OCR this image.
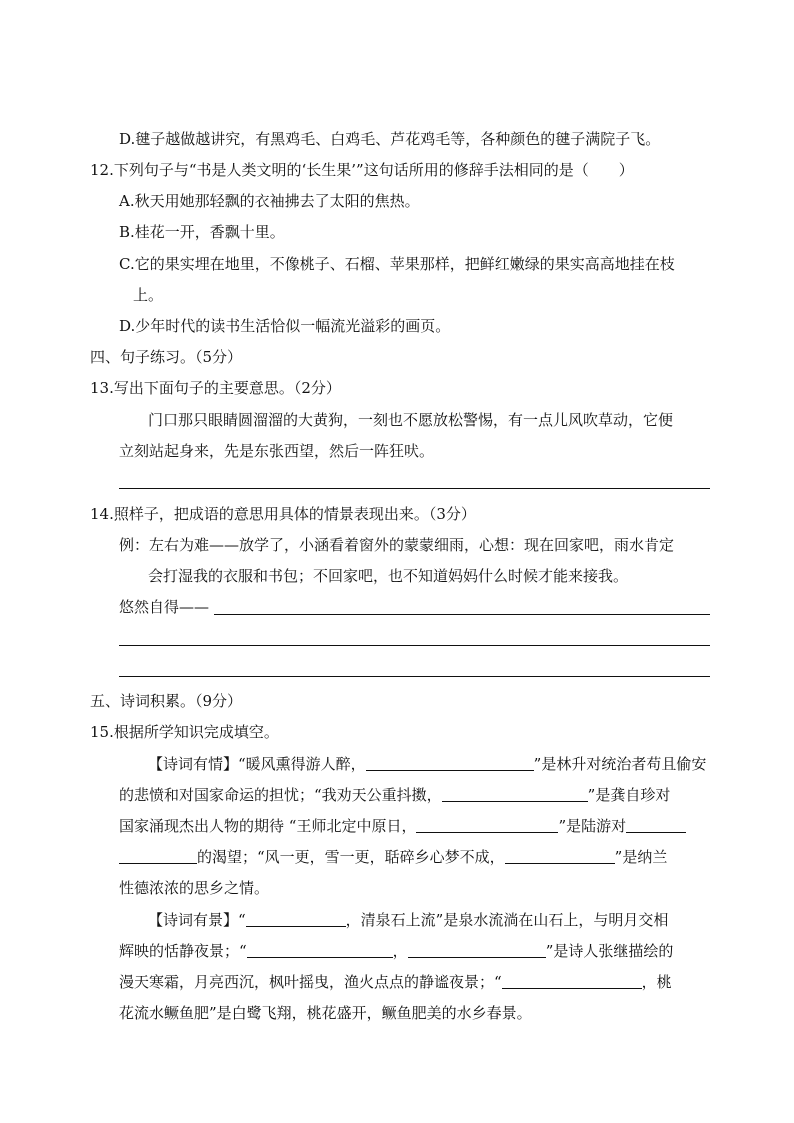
D.毽子越做越讲究，有黑鸡毛、白鸡毛、芦花鸡毛等，各种颜色的毽子满院子飞。
12.下列句子与“书是人类文明的‘长生果’”这句话所用的修辞手法相同的是（　　）
A.秋天用她那轻飘的衣袖拂去了太阳的焦热。
B.桂花一开，香飘十里。
C.它的果实埋在地里，不像桃子、石榴、苹果那样，把鲜红嫩绿的果实高高地挂在枝
上。
D.少年时代的读书生活恰似一幅流光溢彩的画页。
四、句子练习。（5分）
13.写出下面句子的主要意思。（2分）
门口那只眼睛圆溜溜的大黄狗，一刻也不愿放松警惕，有一点儿风吹草动，它便
立刻站起身来，先是东张西望，然后一阵狂吠。
14.照样子，把成语的意思用具体的情景表现出来。（3分）
例：左右为难——放学了，小涵看着窗外的蒙蒙细雨，心想：现在回家吧，雨水肯定
会打湿我的衣服和书包；不回家吧，也不知道妈妈什么时候才能来接我。
悠然自得——
五、诗词积累。（9分）
15.根据所学知识完成填空。
【诗词有情】“暖风熏得游人醉，	”是林升对统治者苟且偷安
的悲愤和对国家命运的担忧；“我劝天公重抖擞，	”是龚自珍对
国家涌现杰出人物的期待 “王师北定中原日，	”是陆游对
的渴望；“风一更，雪一更，聒碎乡心梦不成，	”是纳兰
性德浓浓的思乡之情。
【诗词有景】“	，清泉石上流”是泉水流淌在山石上，与明月交相
辉映的恬静夜景；“	，	”是诗人张继描绘的
漫天寒霜，月亮西沉，枫叶摇曳，渔火点点的静谧夜景；“	，桃
花流水鳜鱼肥”是白鹭飞翔，桃花盛开，鳜鱼肥美的水乡春景。
